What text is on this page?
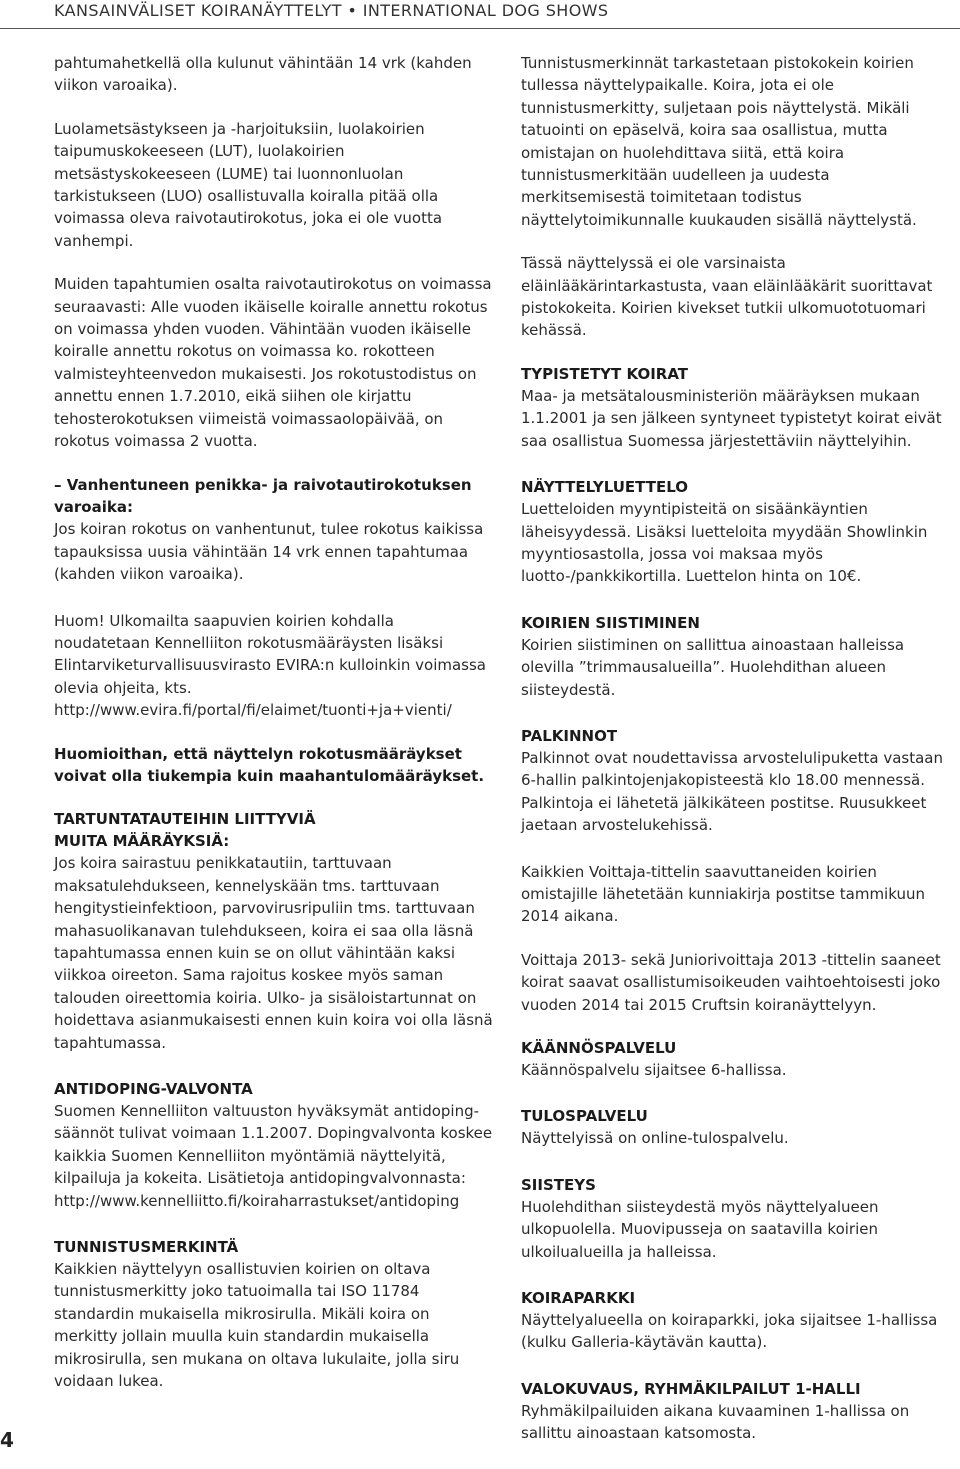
KANSAINVÄLISET KOIRANÄYTTELYT • INTERNATIONAL DOG SHOWS

pahtumahetkellä olla kulunut vähintään 14 vrk (kahden viikon varoaika).

Luolametsästykseen ja -harjoituksiin, luolakoirien taipumuskokeeseen (LUT), luolakoirien metsästyskokeeseen (LUME) tai luonnonluolan tarkistukseen (LUO) osallistuvalla koiralla pitää olla voimassa oleva raivotautirokotus, joka ei ole vuotta vanhempi.

Muiden tapahtumien osalta raivotautirokotus on voimassa seuraavasti: Alle vuoden ikäiselle koiralle annettu rokotus on voimassa yhden vuoden. Vähintään vuoden ikäiselle koiralle annettu rokotus on voimassa ko. rokotteen valmisteyhteenvedon mukaisesti. Jos rokotustodistus on annettu ennen 1.7.2010, eikä siihen ole kirjattu tehosterokotuksen viimeistä voimassaolopäivää, on rokotus voimassa 2 vuotta.

– Vanhentuneen penikka- ja raivotautirokotuksen varoaika:

Jos koiran rokotus on vanhentunut, tulee rokotus kaikissa tapauksissa uusia vähintään 14 vrk ennen tapahtumaa (kahden viikon varoaika).

Huom! Ulkomailta saapuvien koirien kohdalla noudatetaan Kennelliiton rokotusmääräysten lisäksi Elintarviketurvallisuusvirasto EVIRA:n kulloinkin voimassa olevia ohjeita, kts. http://www.evira.fi/portal/fi/elaimet/tuonti+ja+vienti/

Huomioithan, että näyttelyn rokotusmääräykset voivat olla tiukempia kuin maahantulomääräykset.

TARTUNTATAUTEIHIN LIITTYVIÄ
MUITA MÄÄRÄYKSIÄ:

Jos koira sairastuu penikkatautiin, tarttuvaan maksatulehdukseen, kennelyskään tms. tarttuvaan hengitystieinfektioon, parvovirusripuliin tms. tarttuvaan mahasuolikanavan tulehdukseen, koira ei saa olla läsnä tapahtumassa ennen kuin se on ollut vähintään kaksi viikkoa oireeton. Sama rajoitus koskee myös saman talouden oireettomia koiria. Ulko- ja sisäloistartunnat on hoidettava asianmukaisesti ennen kuin koira voi olla läsnä tapahtumassa.

ANTIDOPING-VALVONTA

Suomen Kennelliiton valtuuston hyväksymät antidoping-säännöt tulivat voimaan 1.1.2007. Dopingvalvonta koskee kaikkia Suomen Kennelliiton myöntämiä näyttelyitä, kilpailuja ja kokeita. Lisätietoja antidopingvalvonnasta: http://www.kennelliitto.fi/koiraharrastukset/antidoping

TUNNISTUSMERKINTÄ

Kaikkien näyttelyyn osallistuvien koirien on oltava tunnistusmerkitty joko tatuoimalla tai ISO 11784 standardin mukaisella mikrosirulla. Mikäli koira on merkitty jollain muulla kuin standardin mukaisella mikrosirulla, sen mukana on oltava lukulaite, jolla siru voidaan lukea.

Tunnistusmerkinnät tarkastetaan pistokokein koirien tullessa näyttelypaikalle. Koira, jota ei ole tunnistusmerkitty, suljetaan pois näyttelystä. Mikäli tatuointi on epäselvä, koira saa osallistua, mutta omistajan on huolehdittava siitä, että koira tunnistusmerkitään uudelleen ja uudesta merkitsemisestä toimitetaan todistus näyttelytoimikunnalle kuukauden sisällä näyttelystä.

Tässä näyttelyssä ei ole varsinaista eläinlääkärintarkastusta, vaan eläinlääkärit suorittavat pistokokeita. Koirien kivekset tutkii ulkomuototuomari kehässä.

TYPISTETYT KOIRAT

Maa- ja metsätalousministeriön määräyksen mukaan 1.1.2001 ja sen jälkeen syntyneet typistetyt koirat eivät saa osallistua Suomessa järjestettäviin näyttelyihin.

NÄYTTELYLUETTELO

Luetteloiden myyntipisteitä on sisäänkäyntien läheisyydessä. Lisäksi luetteloita myydään Showlinkin myyntiosastolla, jossa voi maksaa myös luotto-/pankkikortilla. Luettelon hinta on 10€.

KOIRIEN SIISTIMINEN

Koirien siistiminen on sallittua ainoastaan halleissa olevilla ”trimmausalueilla”. Huolehdithan alueen siisteydestä.

PALKINNOT

Palkinnot ovat noudettavissa arvostelulipuketta vastaan 6-hallin palkintojenjakopisteestä klo 18.00 mennessä. Palkintoja ei lähetetä jälkikäteen postitse. Ruusukkeet jaetaan arvostelukehissä.

Kaikkien Voittaja-tittelin saavuttaneiden koirien omistajille lähetetään kunniakirja postitse tammikuun 2014 aikana.

Voittaja 2013- sekä Juniorivoittaja 2013 -tittelin saaneet koirat saavat osallistumisoikeuden vaihtoehtoisesti joko vuoden 2014 tai 2015 Cruftsin koiranäyttelyyn.

KÄÄNNÖSPALVELU

Käännöspalvelu sijaitsee 6-hallissa.

TULOSPALVELU

Näyttelyissä on online-tulospalvelu.

SIISTEYS

Huolehdithan siisteydestä myös näyttelyalueen ulkopuolella. Muovipusseja on saatavilla koirien ulkoilualueilla ja halleissa.

KOIRAPARKKI

Näyttelyalueella on koiraparkki, joka sijaitsee 1-hallissa (kulku Galleria-käytävän kautta).

VALOKUVAUS, RYHMÄKILPAILUT 1-HALLI

Ryhmäkilpailuiden aikana kuvaaminen 1-hallissa on sallittu ainoastaan katsomosta.

4
